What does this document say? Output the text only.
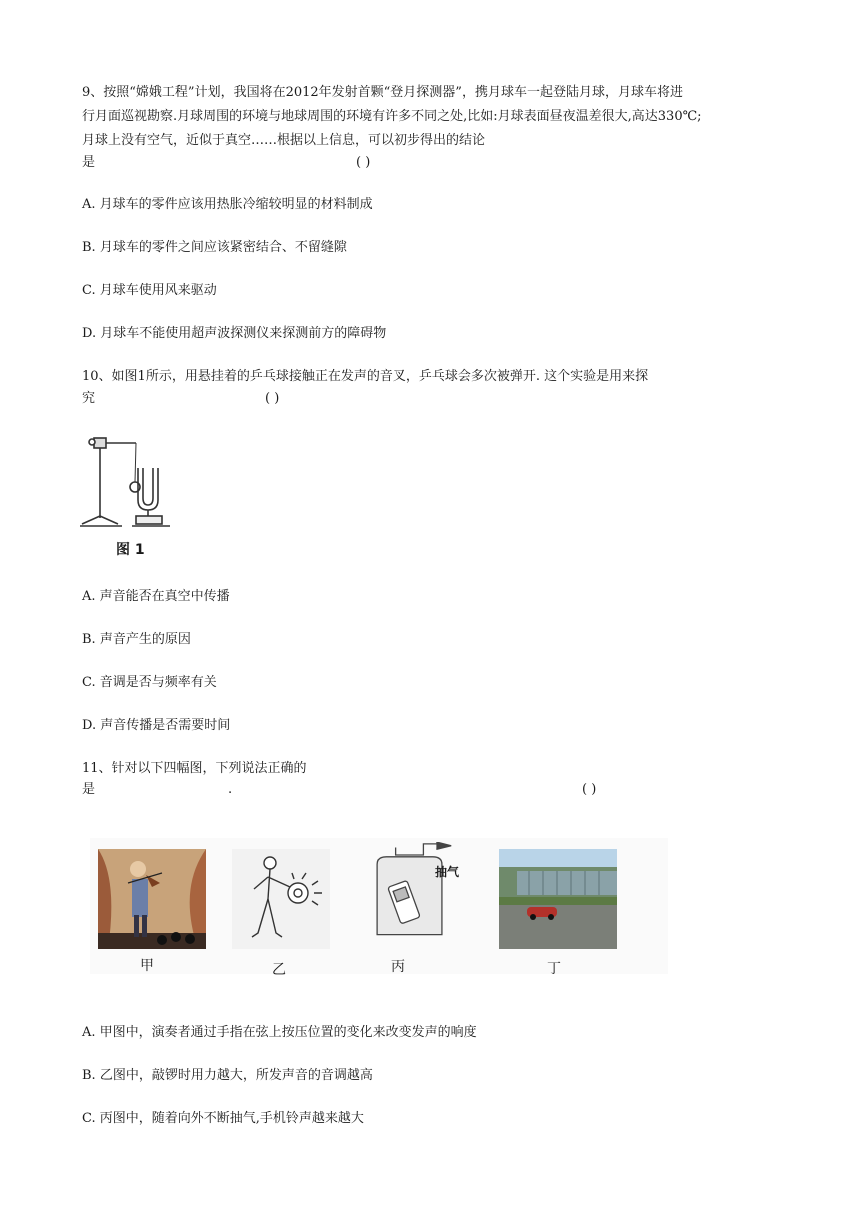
9、按照“嫦娥工程”计划，我国将在2012年发射首颗“登月探测器”，携月球车一起登陆月球，月球车将进
行月面巡视勘察.月球周围的环境与地球周围的环境有许多不同之处,比如:月球表面昼夜温差很大,高达330℃;
月球上没有空气，近似于真空……根据以上信息，可以初步得出的结论
是	( )
A. 月球车的零件应该用热胀冷缩较明显的材料制成
B. 月球车的零件之间应该紧密结合、不留缝隙
C. 月球车使用风来驱动
D. 月球车不能使用超声波探测仪来探测前方的障碍物
10、如图1所示，用悬挂着的乒乓球接触正在发声的音叉，乒乓球会多次被弹开. 这个实验是用来探
究	( )
图 1
A. 声音能否在真空中传播
B. 声音产生的原因
C. 音调是否与频率有关
D. 声音传播是否需要时间
11、针对以下四幅图，下列说法正确的
是	.	( )
甲	乙
抽气
丙	丁
A. 甲图中，演奏者通过手指在弦上按压位置的变化来改变发声的响度
B. 乙图中，敲锣时用力越大，所发声音的音调越高
C. 丙图中，随着向外不断抽气,手机铃声越来越大
